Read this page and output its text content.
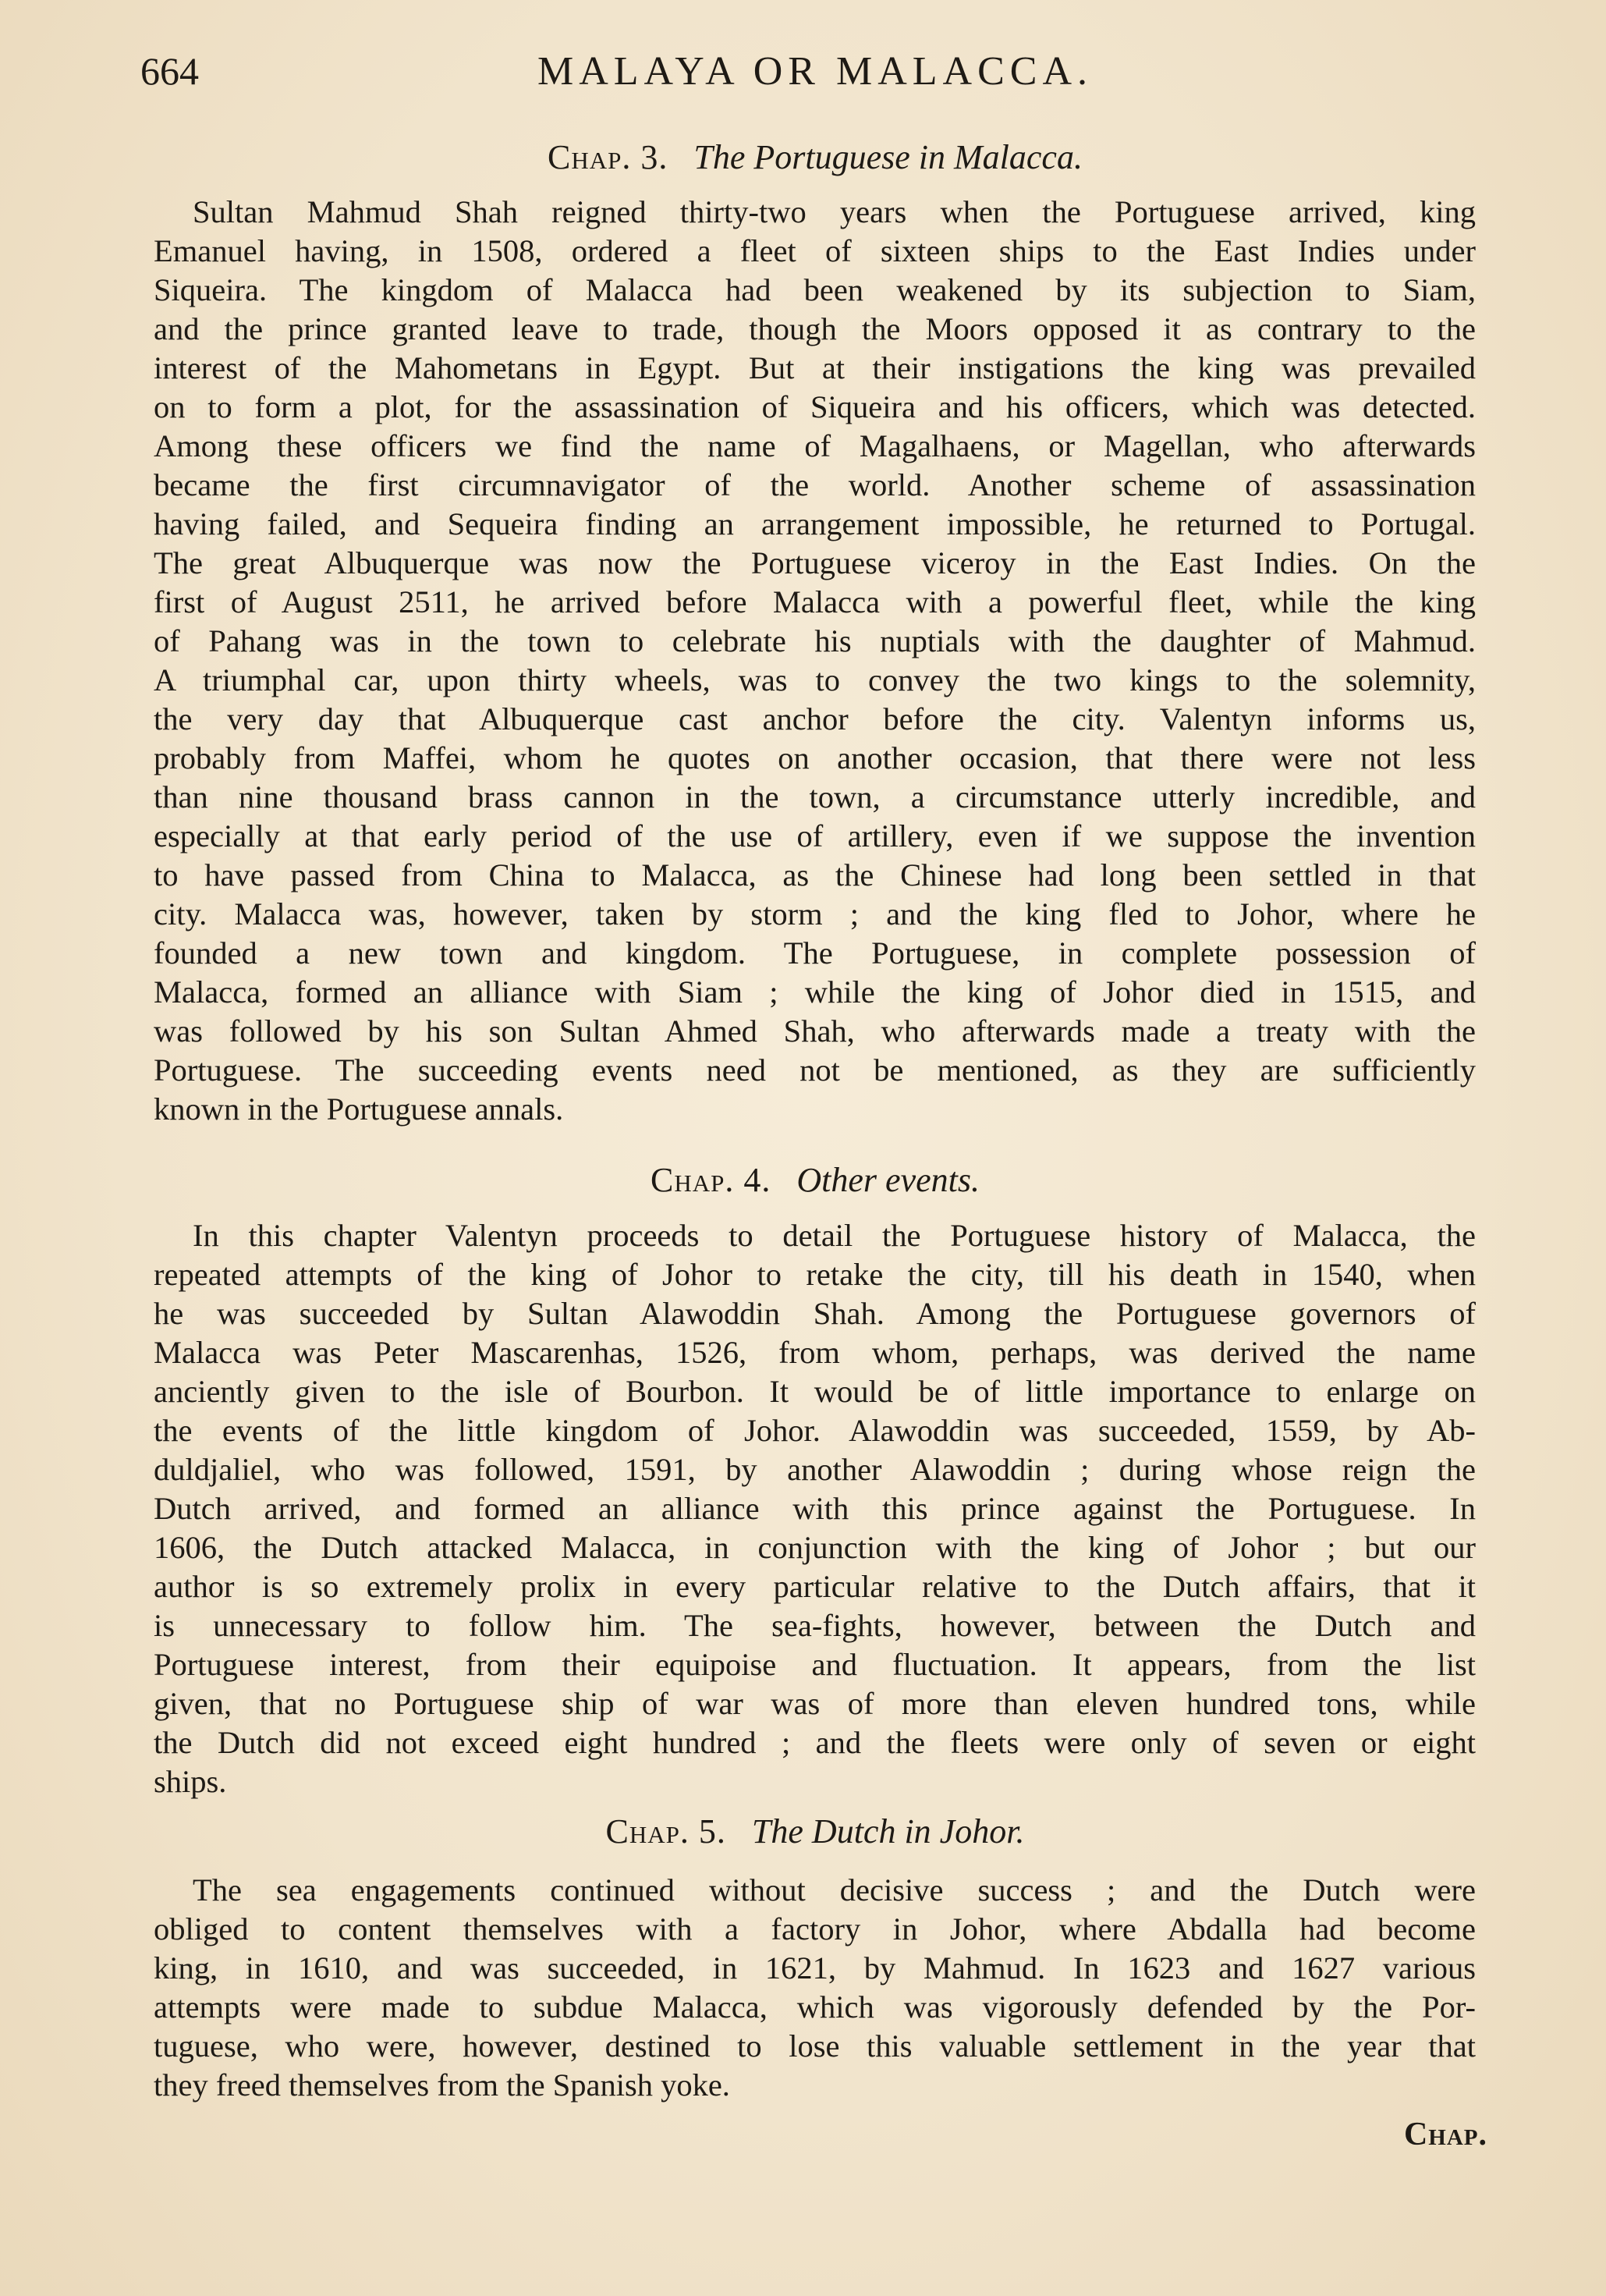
664	MALAYA OR MALACCA.
Chap. 3. The Portuguese in Malacca.
Sultan Mahmud Shah reigned thirty-two years when the Portuguese arrived, king
Emanuel having, in 1508, ordered a fleet of sixteen ships to the East Indies under
Siqueira. The kingdom of Malacca had been weakened by its subjection to Siam,
and the prince granted leave to trade, though the Moors opposed it as contrary to the
interest of the Mahometans in Egypt. But at their instigations the king was prevailed
on to form a plot, for the assassination of Siqueira and his officers, which was detected.
Among these officers we find the name of Magalhaens, or Magellan, who afterwards
became the first circumnavigator of the world. Another scheme of assassination
having failed, and Sequeira finding an arrangement impossible, he returned to Portugal.
The great Albuquerque was now the Portuguese viceroy in the East Indies. On the
first of August 2511, he arrived before Malacca with a powerful fleet, while the king
of Pahang was in the town to celebrate his nuptials with the daughter of Mahmud.
A triumphal car, upon thirty wheels, was to convey the two kings to the solemnity,
the very day that Albuquerque cast anchor before the city. Valentyn informs us,
probably from Maffei, whom he quotes on another occasion, that there were not less
than nine thousand brass cannon in the town, a circumstance utterly incredible, and
especially at that early period of the use of artillery, even if we suppose the invention
to have passed from China to Malacca, as the Chinese had long been settled in that
city. Malacca was, however, taken by storm ; and the king fled to Johor, where he
founded a new town and kingdom. The Portuguese, in complete possession of
Malacca, formed an alliance with Siam ; while the king of Johor died in 1515, and
was followed by his son Sultan Ahmed Shah, who afterwards made a treaty with the
Portuguese. The succeeding events need not be mentioned, as they are sufficiently
known in the Portuguese annals.
Chap. 4. Other events.
In this chapter Valentyn proceeds to detail the Portuguese history of Malacca, the
repeated attempts of the king of Johor to retake the city, till his death in 1540, when
he was succeeded by Sultan Alawoddin Shah. Among the Portuguese governors of
Malacca was Peter Mascarenhas, 1526, from whom, perhaps, was derived the name
anciently given to the isle of Bourbon. It would be of little importance to enlarge on
the events of the little kingdom of Johor. Alawoddin was succeeded, 1559, by Ab-
duldjaliel, who was followed, 1591, by another Alawoddin ; during whose reign the
Dutch arrived, and formed an alliance with this prince against the Portuguese. In
1606, the Dutch attacked Malacca, in conjunction with the king of Johor ; but our
author is so extremely prolix in every particular relative to the Dutch affairs, that it
is unnecessary to follow him. The sea-fights, however, between the Dutch and
Portuguese interest, from their equipoise and fluctuation. It appears, from the list
given, that no Portuguese ship of war was of more than eleven hundred tons, while
the Dutch did not exceed eight hundred ; and the fleets were only of seven or eight
ships.
Chap. 5. The Dutch in Johor.
The sea engagements continued without decisive success ; and the Dutch were
obliged to content themselves with a factory in Johor, where Abdalla had become
king, in 1610, and was succeeded, in 1621, by Mahmud. In 1623 and 1627 various
attempts were made to subdue Malacca, which was vigorously defended by the Por-
tuguese, who were, however, destined to lose this valuable settlement in the year that
they freed themselves from the Spanish yoke.
Chap.
